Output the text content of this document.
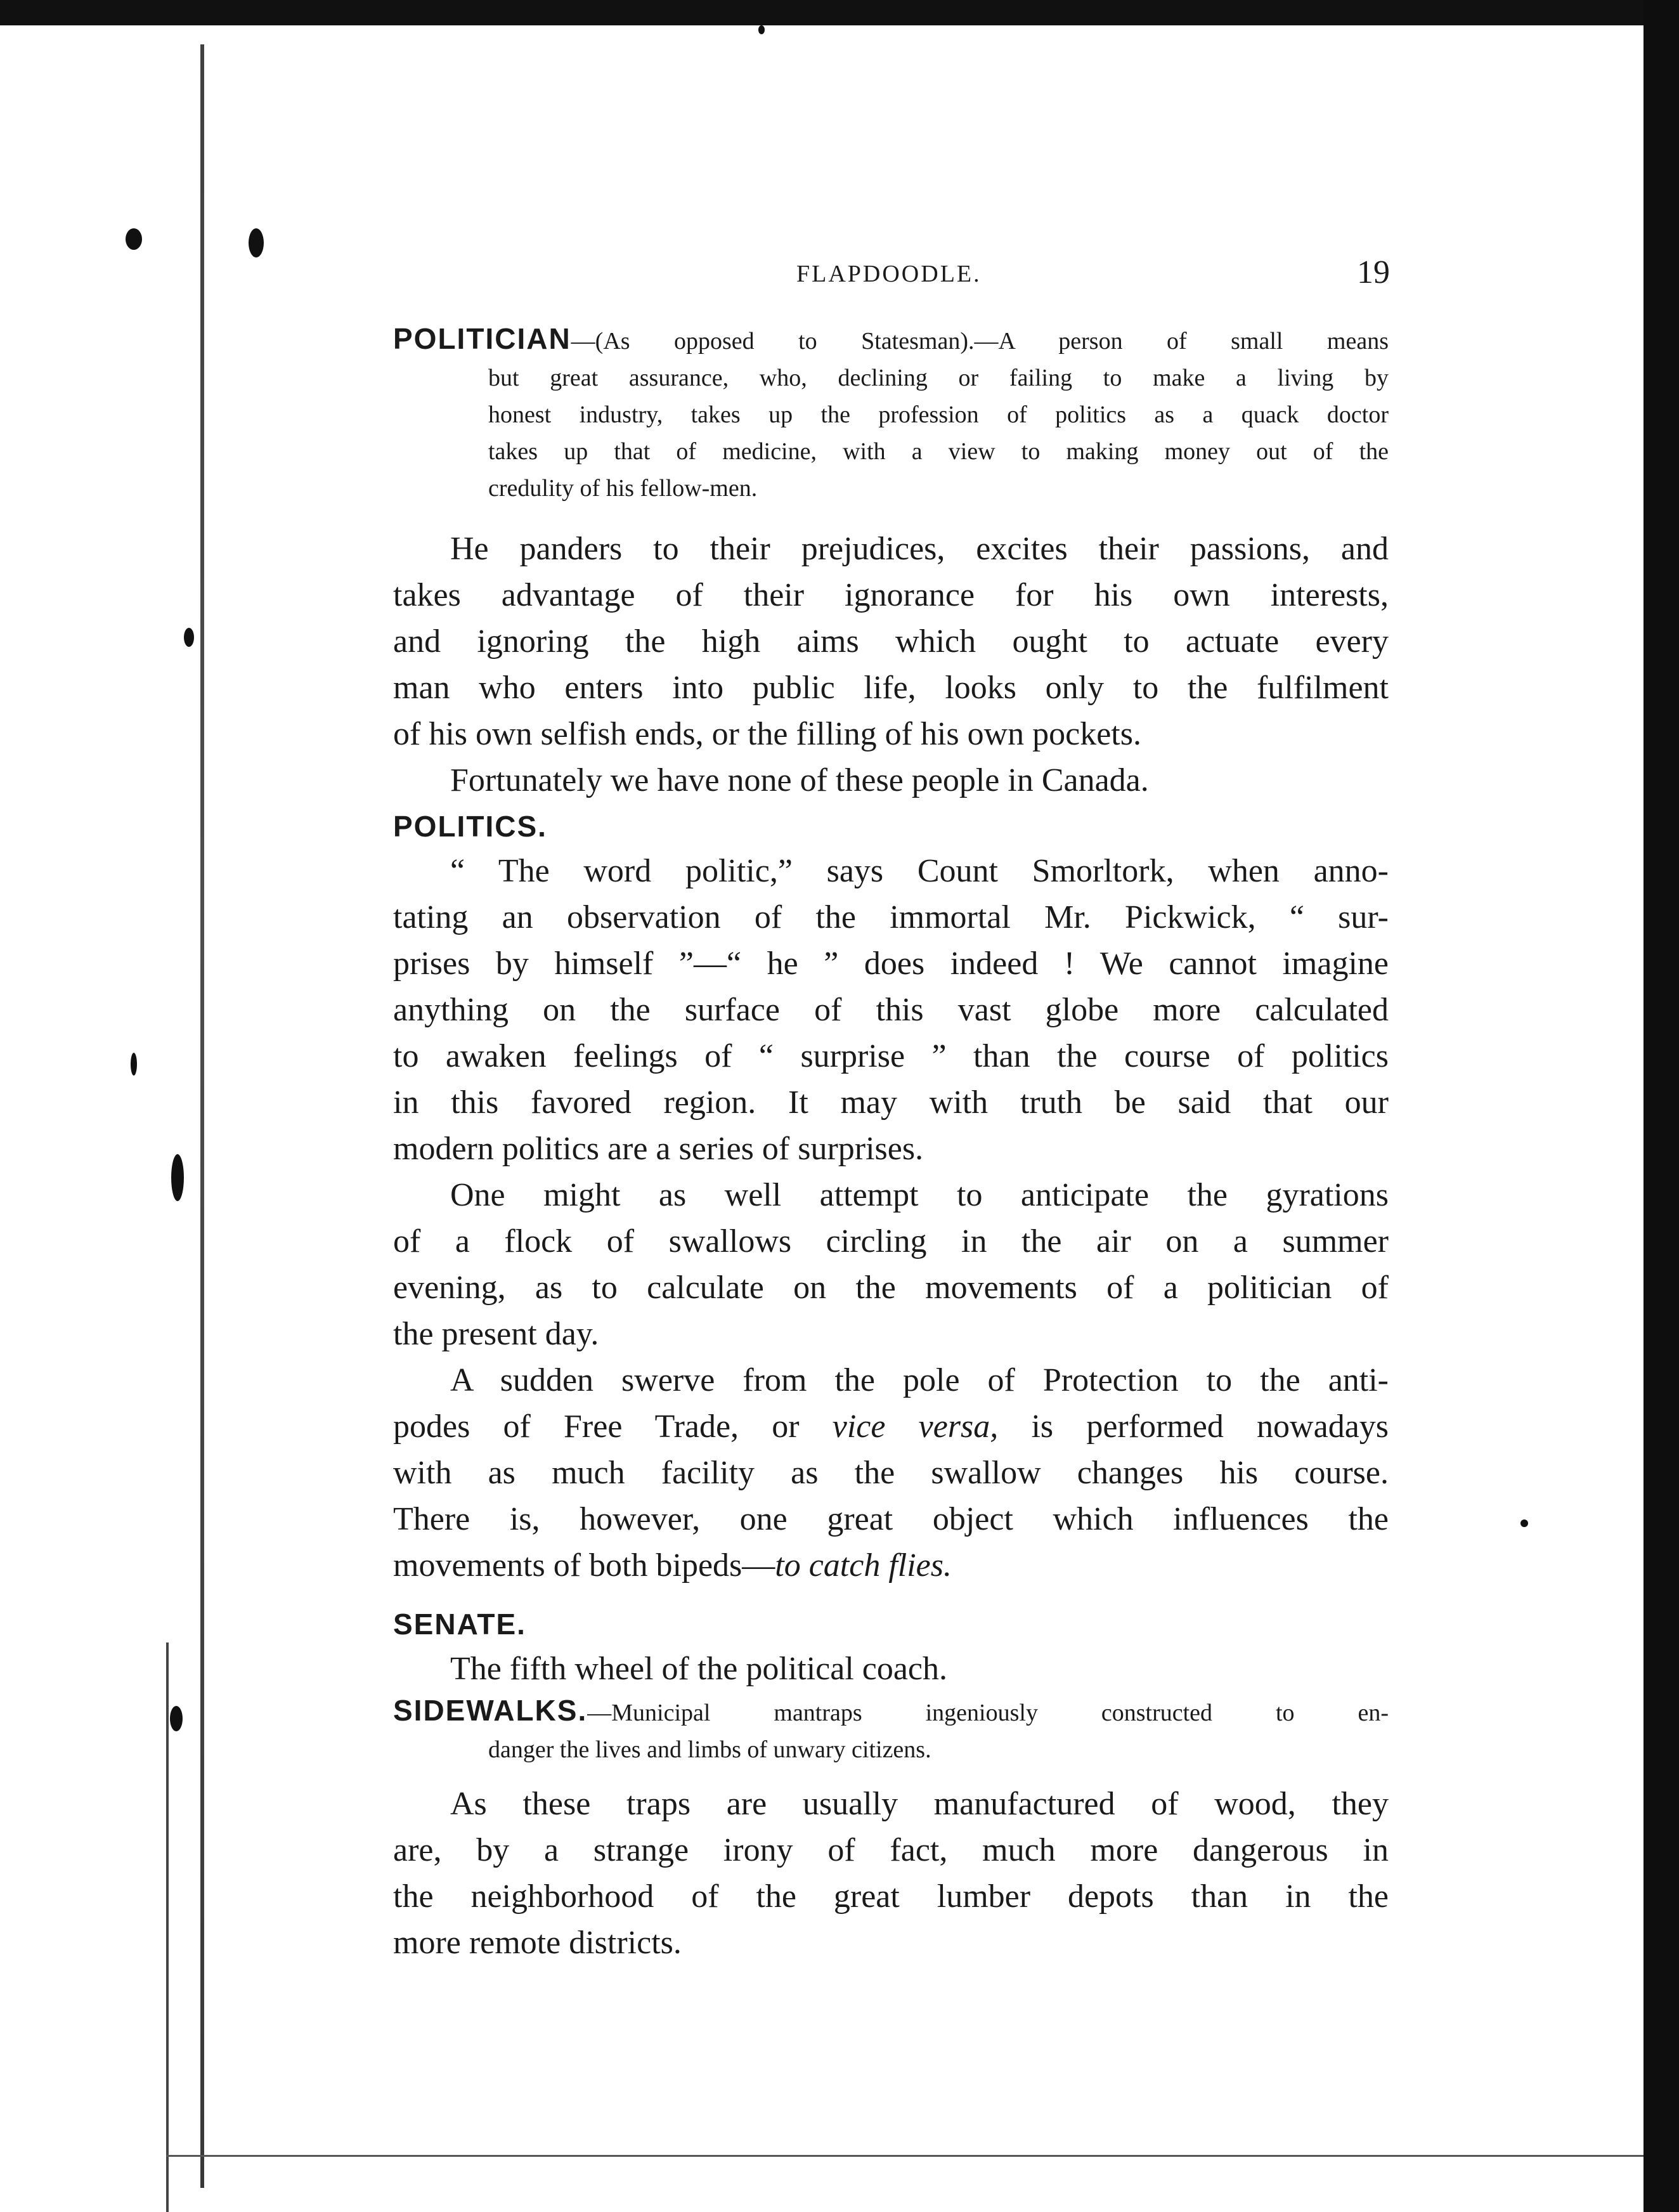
FLAPDOODLE.	19

POLITICIAN—(As opposed to Statesman).—A person of small means

but great assurance, who, declining or failing to make a living by

honest industry, takes up the profession of politics as a quack doctor

takes up that of medicine, with a view to making money out of the

credulity of his fellow-men.

He panders to their prejudices, excites their passions, and

takes advantage of their ignorance for his own interests,

and ignoring the high aims which ought to actuate every

man who enters into public life, looks only to the fulfilment

of his own selfish ends, or the filling of his own pockets.

Fortunately we have none of these people in Canada.

POLITICS.

“ The word politic,” says Count Smorltork, when anno-

tating an observation of the immortal Mr. Pickwick, “ sur-

prises by himself ”—“ he ” does indeed ! We cannot imagine

anything on the surface of this vast globe more calculated

to awaken feelings of “ surprise ” than the course of politics

in this favored region. It may with truth be said that our

modern politics are a series of surprises.

One might as well attempt to anticipate the gyrations

of a flock of swallows circling in the air on a summer

evening, as to calculate on the movements of a politician of

the present day.

A sudden swerve from the pole of Protection to the anti-

podes of Free Trade, or vice versa, is performed nowadays

with as much facility as the swallow changes his course.

There is, however, one great object which influences the

movements of both bipeds—to catch flies.

SENATE.

The fifth wheel of the political coach.

SIDEWALKS.—Municipal mantraps ingeniously constructed to en-

danger the lives and limbs of unwary citizens.

As these traps are usually manufactured of wood, they

are, by a strange irony of fact, much more dangerous in

the neighborhood of the great lumber depots than in the

more remote districts.
